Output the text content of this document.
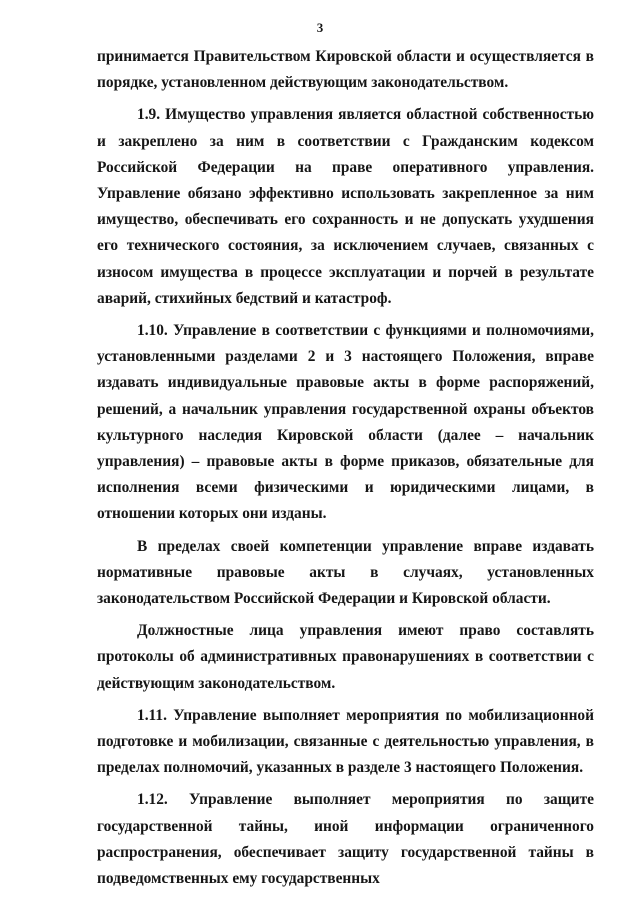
3

принимается Правительством Кировской области и осуществляется в порядке, установленном действующим законодательством.

1.9. Имущество управления является областной собственностью и закреплено за ним в соответствии с Гражданским кодексом Российской Федерации на праве оперативного управления. Управление обязано эффективно использовать закрепленное за ним имущество, обеспечивать его сохранность и не допускать ухудшения его технического состояния, за исключением случаев, связанных с износом имущества в процессе эксплуатации и порчей в результате аварий, стихийных бедствий и катастроф.

1.10. Управление в соответствии с функциями и полномочиями, установленными разделами 2 и 3 настоящего Положения, вправе издавать индивидуальные правовые акты в форме распоряжений, решений, а начальник управления государственной охраны объектов культурного наследия Кировской области (далее – начальник управления) – правовые акты в форме приказов, обязательные для исполнения всеми физическими и юридическими лицами, в отношении которых они изданы.

В пределах своей компетенции управление вправе издавать нормативные правовые акты в случаях, установленных законодательством Российской Федерации и Кировской области.

Должностные лица управления имеют право составлять протоколы об административных правонарушениях в соответствии с действующим законодательством.

1.11. Управление выполняет мероприятия по мобилизационной подготовке и мобилизации, связанные с деятельностью управления, в пределах полномочий, указанных в разделе 3 настоящего Положения.

1.12. Управление выполняет мероприятия по защите государственной тайны, иной информации ограниченного распространения, обеспечивает защиту государственной тайны в подведомственных ему государственных
